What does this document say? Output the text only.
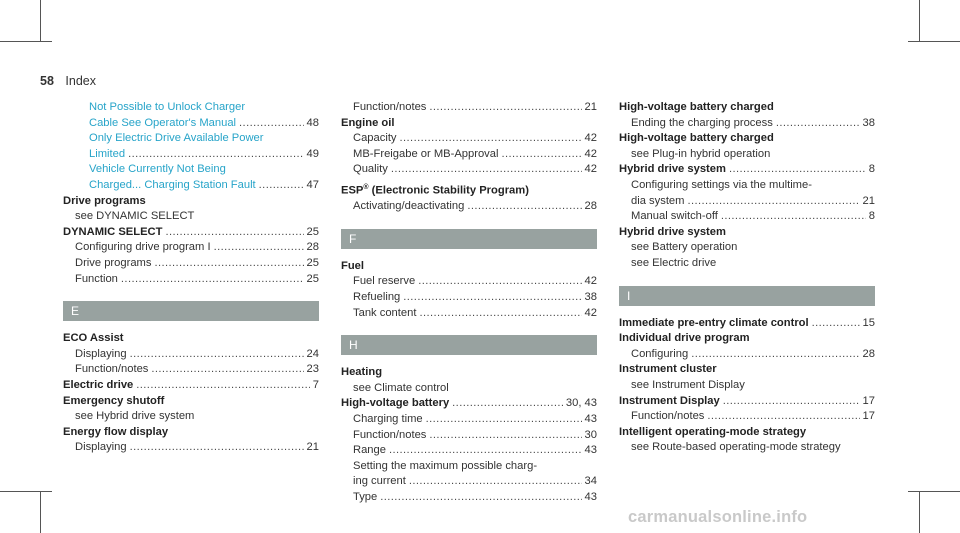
58 Index
Not Possible to Unlock Charger
Cable See Operator's Manual .....	48
Only Electric Drive Available Power
Limited .....	49
Vehicle Currently Not Being
Charged... Charging Station Fault .....	47
Drive programs
see DYNAMIC SELECT
DYNAMIC SELECT .....	25
Configuring drive program I .....	28
Drive programs .....	25
Function .....	25
E
ECO Assist
Displaying .....	24
Function/notes .....	23
Electric drive .....	7
Emergency shutoff
see Hybrid drive system
Energy flow display
Displaying .....	21
Function/notes .....	21
Engine oil
Capacity .....	42
MB-Freigabe or MB-Approval .....	42
Quality .....	42
ESP® (Electronic Stability Program)
Activating/deactivating .....	28
F
Fuel
Fuel reserve .....	42
Refueling .....	38
Tank content .....	42
H
Heating
see Climate control
High-voltage battery .....	30, 43
Charging time .....	43
Function/notes .....	30
Range .....	43
Setting the maximum possible charg-
ing current .....	34
Type .....	43
High-voltage battery charged
Ending the charging process .....	38
High-voltage battery charged
see Plug-in hybrid operation
Hybrid drive system .....	8
Configuring settings via the multime-
dia system .....	21
Manual switch-off .....	8
Hybrid drive system
see Battery operation
see Electric drive
I
Immediate pre-entry climate control .....	15
Individual drive program
Configuring .....	28
Instrument cluster
see Instrument Display
Instrument Display .....	17
Function/notes .....	17
Intelligent operating-mode strategy
see Route-based operating-mode strategy
carmanualsonline.info
